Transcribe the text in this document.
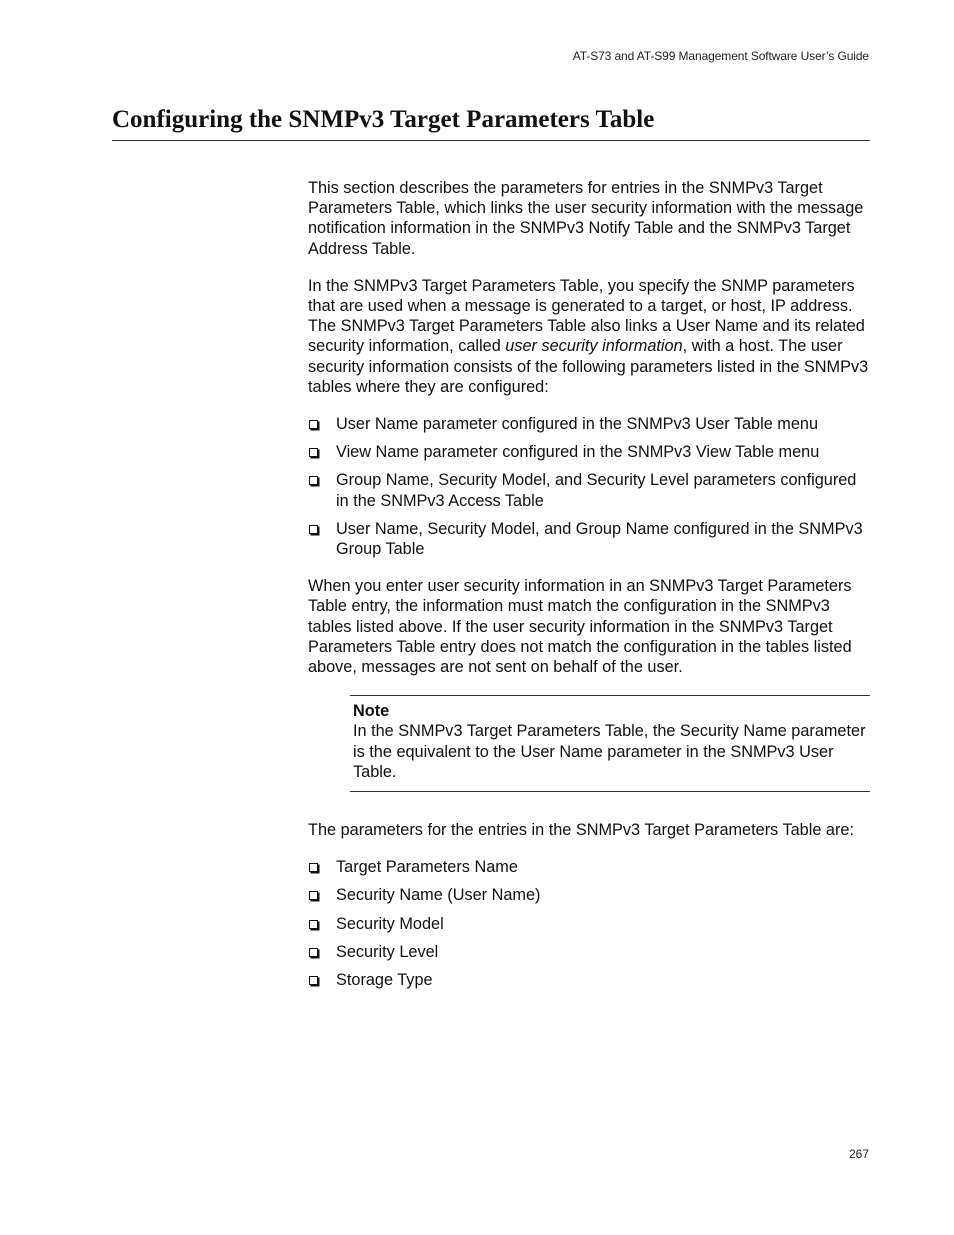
AT-S73 and AT-S99 Management Software User’s Guide
Configuring the SNMPv3 Target Parameters Table

This section describes the parameters for entries in the SNMPv3 Target Parameters Table, which links the user security information with the message notification information in the SNMPv3 Notify Table and the SNMPv3 Target Address Table.

In the SNMPv3 Target Parameters Table, you specify the SNMP parameters that are used when a message is generated to a target, or host, IP address. The SNMPv3 Target Parameters Table also links a User Name and its related security information, called user security information, with a host. The user security information consists of the following parameters listed in the SNMPv3 tables where they are configured:

User Name parameter configured in the SNMPv3 User Table menu
View Name parameter configured in the SNMPv3 View Table menu
Group Name, Security Model, and Security Level parameters configured in the SNMPv3 Access Table
User Name, Security Model, and Group Name configured in the SNMPv3 Group Table

When you enter user security information in an SNMPv3 Target Parameters Table entry, the information must match the configuration in the SNMPv3 tables listed above. If the user security information in the SNMPv3 Target Parameters Table entry does not match the configuration in the tables listed above, messages are not sent on behalf of the user.

Note
In the SNMPv3 Target Parameters Table, the Security Name parameter is the equivalent to the User Name parameter in the SNMPv3 User Table.

The parameters for the entries in the SNMPv3 Target Parameters Table are:

Target Parameters Name
Security Name (User Name)
Security Model
Security Level
Storage Type
267
